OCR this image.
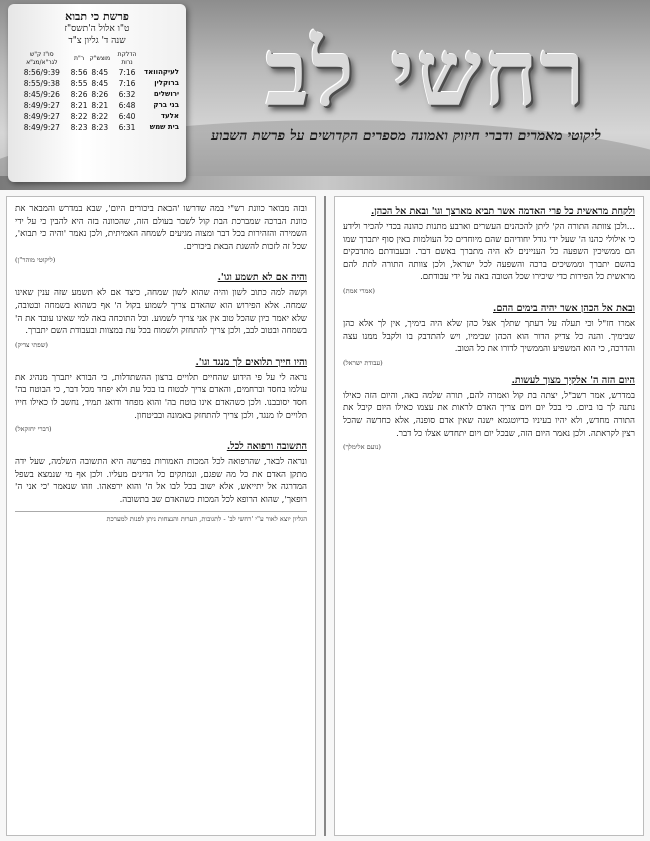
רחשי לב
ליקוטי מאמרים ודברי חיזוק ואמונה מספרים הקדושים על פרשת השבוע
פרשת כי תבוא
ט"ו אלול ה'תשס"ז
שנה ד' גליון צ"ד
	הדלקת נרות	מוצש"ק	ר"ת	סו"ז ק"ש לגר"א/מג"א
לעיקהוואד	7:16	8:45	8:56	8:56/9:39
ברוקלין	7:16	8:45	8:55	8:55/9:38
ירושלים	6:32	8:26	8:26	8:45/9:26
בני ברק	6:48	8:21	8:21	8:49/9:27
אלעד	6:40	8:22	8:22	8:49/9:27
בית שמש	6:31	8:23	8:23	8:49/9:27
ולקחת מראשית כל פרי האדמה אשר תביא מארצך וגו' ובאת אל הכהן.

...ולכן צוותה התורה הק' ליתן להכהנים העשרים וארבע מתנות כהונה בכדי להכיר ולידע כי אילולי כהנו ה' שעל ידי גודל יחודיהם שהם מיוחדים כל העולמות באין סוף יתברך שמו הם ממשיכין השפעה כל העניינים לא היה מתברך באשם דבר. ובעבודתם מתדבקים בהשם יתברך וממשיכים ברכה והשפעה לכל ישראל, ולכן צוותה התורה לתת להם מראשית כל הפירות כדי שיכירו שכל הטובה באה על ידי עבודתם.

(אמרי אמת)
ובאת אל הכהן אשר יהיה בימים ההם.

אמרו חז"ל וכי תעלה על דעתך שתלך אצל כהן שלא היה בימיך, אין לך אלא כהן שבימיך. והנה כל צדיק הדור הוא הכהן שבימיו, ויש להתדבק בו ולקבל ממנו עצה והדרכה, כי הוא המשפיע והממשיך לדורו את כל הטוב.

(עבודת ישראל)
היום הזה ה' אלקיך מצוך לעשות.

במדרש, אמר רשב"ל, יצתה בת קול ואמרה להם, תורה שלמה באה, והיום הזה כאילו נתנה לך בו ביום. כי בכל יום ויום צריך האדם לראות את עצמו כאילו היום קיבל את התורה מחדש, ולא יהיו בעיניו כדיוטגמא ישנה שאין אדם סופנה, אלא כחדשה שהכל רצין לקראתה. ולכן נאמר היום הזה, שבכל יום ויום יתחדש אצלו כל דבר.

(נועם אלימלך)

ובזה מבואר כוונת רש"י במה שדרשו 'הבאת ביכורים היום', שבא במדרש והמבאר את כוונת הברכה שמברכת הבת קול לשבר בעולם הזה, שהכוונה בזה היא להבין כי על ידי השמירה והזהירות בכל דבר ומצוה מגיעים לשמחה האמיתית, ולכן נאמר 'והיה כי תבוא', שכל זה לזכות להשגת הבאת ביכורים.

(ליקוטי מוהר"ן)
והיה אם לא תשמע וגו'.

וקשה למה כתוב לשון והיה שהוא לשון שמחה, כיצד אם לא תשמע שזה ענין שאינו שמחה. אלא הפירוש הוא שהאדם צריך לשמוע בקול ה' אף כשהוא בשמחה ובטובה, שלא יאמר כיון שהכל טוב אין אני צריך לשמוע. וכל התוכחה באה למי שאינו עובד את ה' בשמחה ובטוב לבב, ולכן צריך להתחזק ולשמוח בכל עת במצוות ובעבודת השם יתברך.

(שפתי צדיק)
והיו חייך תלואים לך מנגד וגו'.

נראה לי על פי הידוע שהחיים תלויים ברצון ההשתדלות, כי הבורא יתברך מנהיג את עולמו בחסד וברחמים, והאדם צריך לבטוח בו בכל עת ולא יפחד מכל דבר, כי הבוטח בה' חסד יסובבנו. ולכן כשהאדם אינו בוטח בה' והוא מפחד ודואג תמיד, נחשב לו כאילו חייו תלויים לו מנגד, ולכן צריך להתחזק באמונה ובביטחון.

(דברי יחזקאל)
התשובה ורפואה לכל.

ונראה לבאר, שהרפואה לכל המכות האמורות בפרשה היא התשובה השלמה, שעל ידה מתקן האדם את כל מה שפגם, ונמתקים כל הדינים מעליו. ולכן אף מי שנמצא בשפל המדרגה אל יתייאש, אלא ישוב בכל לבו אל ה' והוא ירפאהו. וזהו שנאמר 'כי אני ה' רופאך', שהוא הרופא לכל המכות כשהאדם שב בתשובה.

הגליון יוצא לאור ע"י 'רחשי לב' - לתגובות, הערות והנצחות ניתן לפנות למערכת
